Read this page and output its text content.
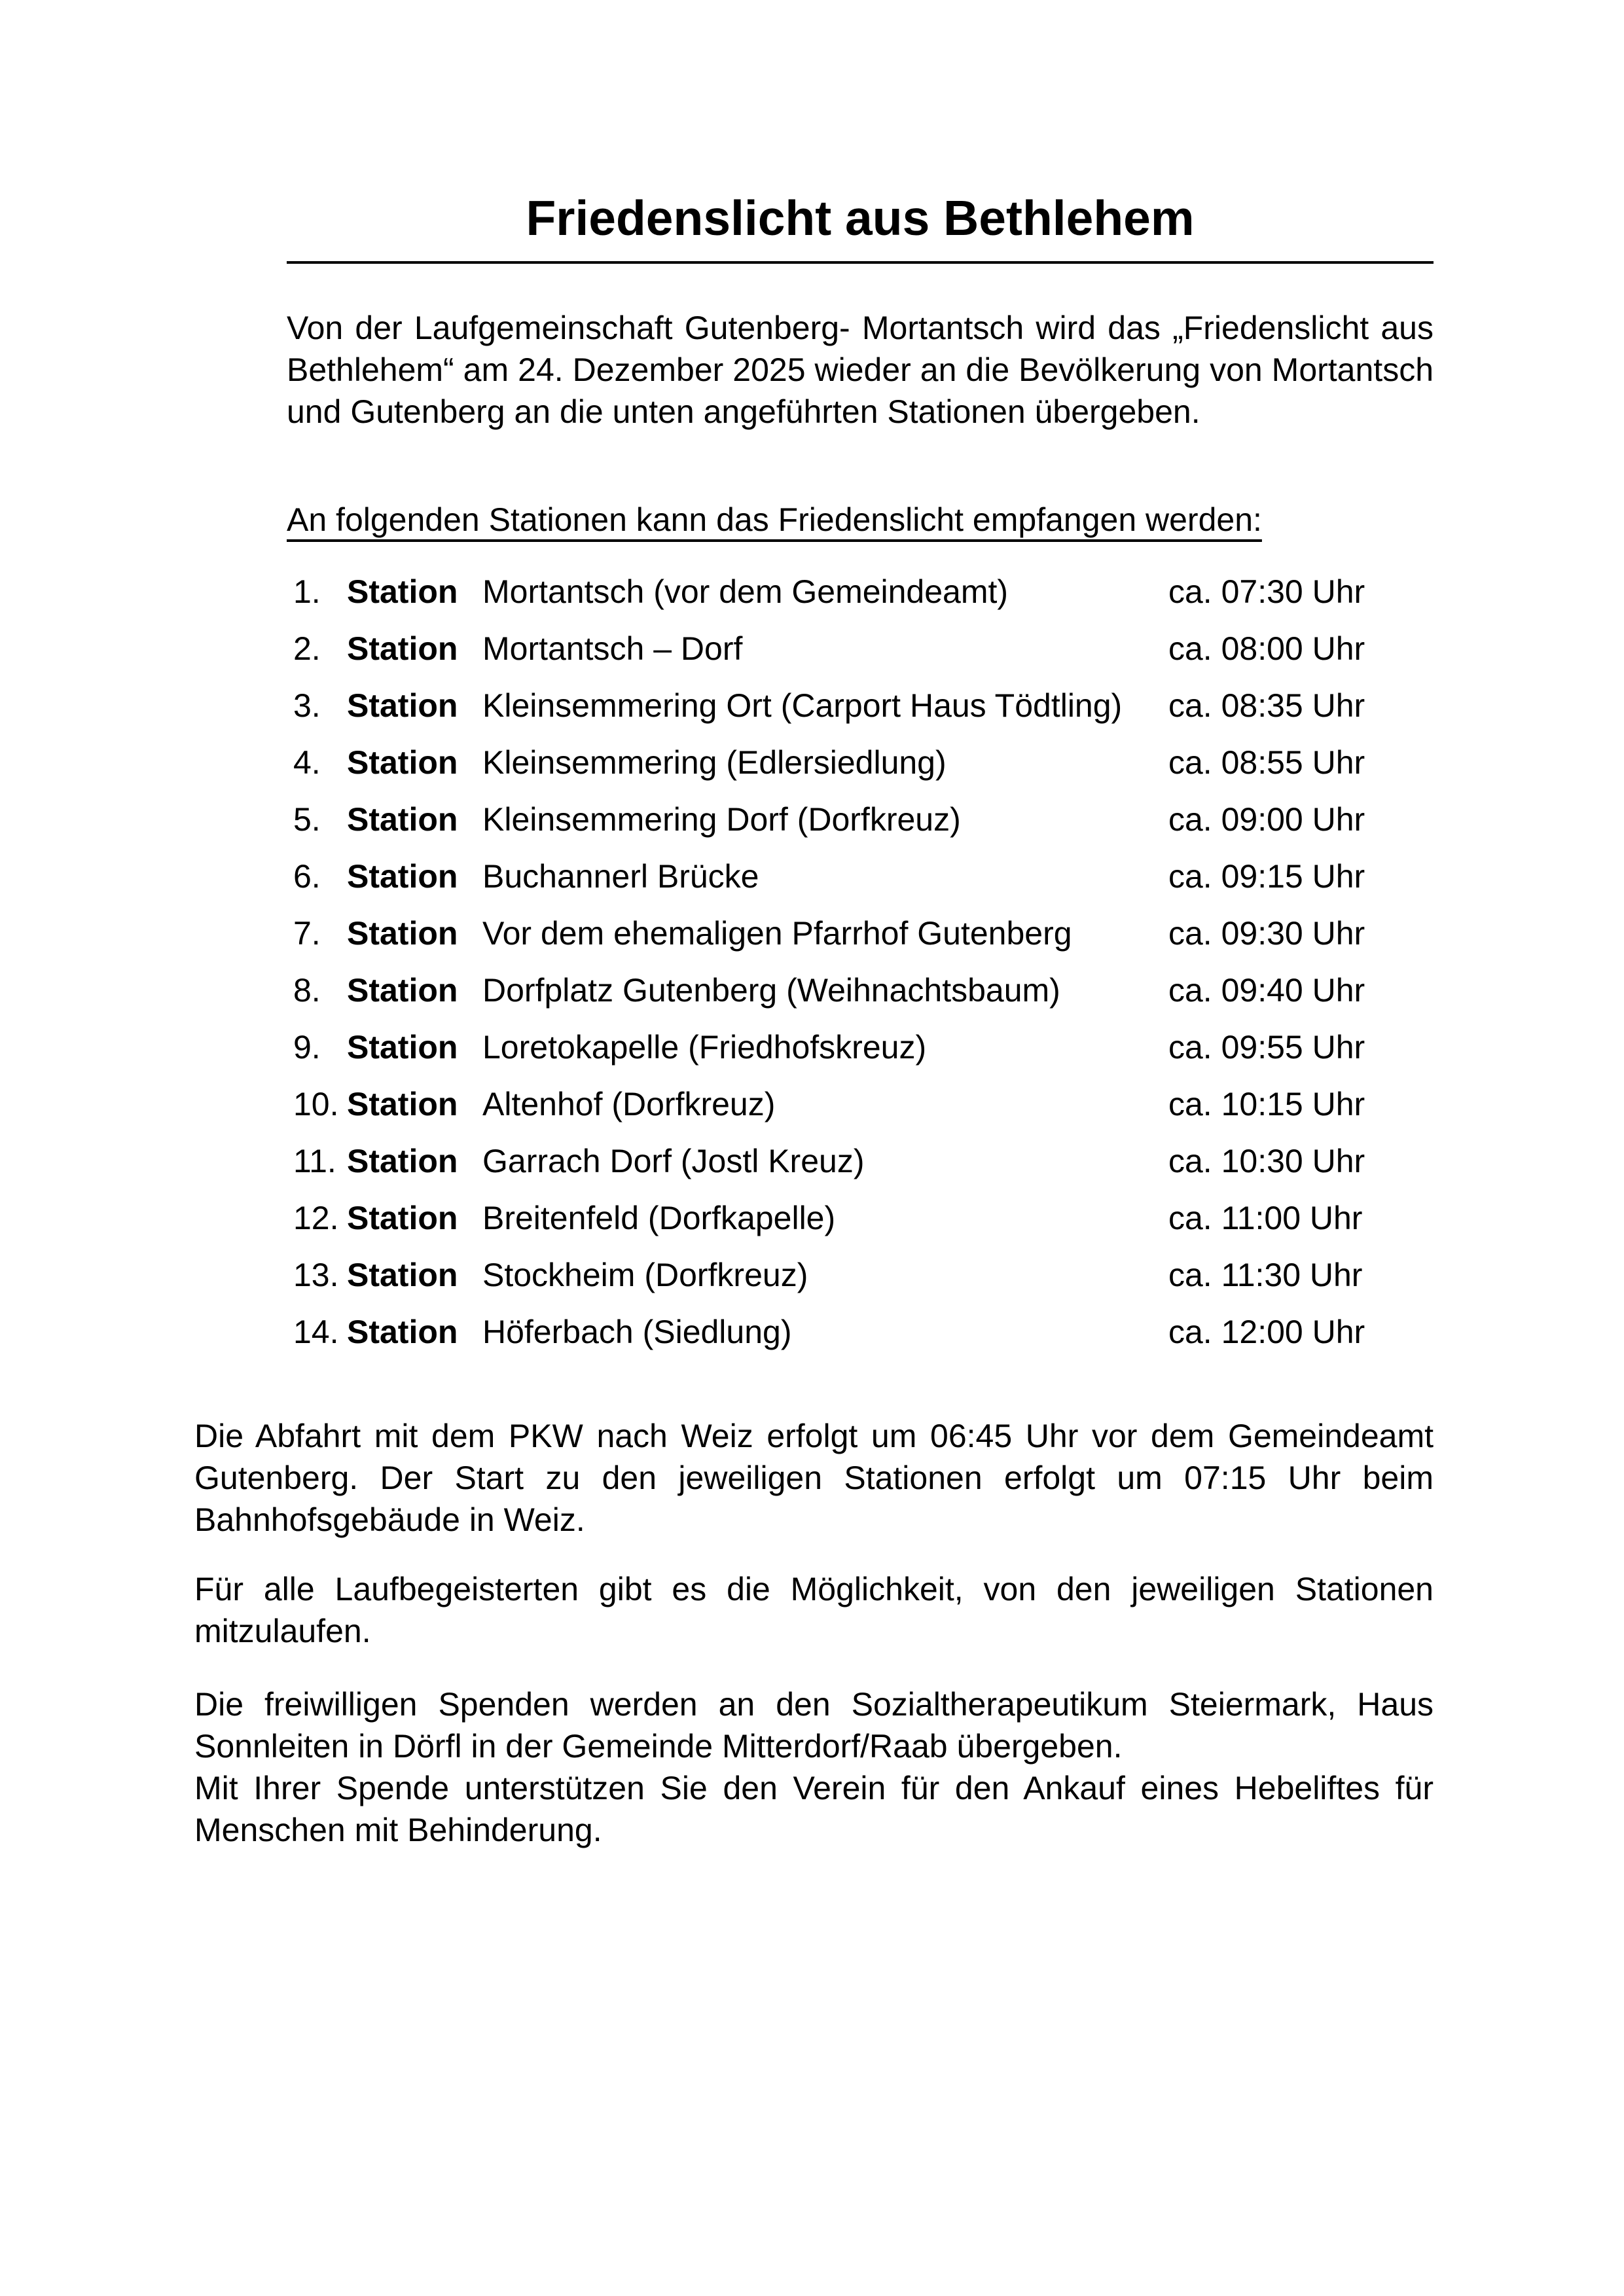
Friedenslicht aus Bethlehem
Von der Laufgemeinschaft Gutenberg- Mortantsch wird das „Friedenslicht aus Bethlehem“ am 24. Dezember 2025 wieder an die Bevölkerung von Mortantsch und Gutenberg an die unten angeführten Stationen übergeben.
An folgenden Stationen kann das Friedenslicht empfangen werden:
1. Station Mortantsch (vor dem Gemeindeamt)	ca. 07:30 Uhr
2. Station Mortantsch – Dorf	ca. 08:00 Uhr
3. Station Kleinsemmering Ort (Carport Haus Tödtling) ca. 08:35 Uhr
4. Station Kleinsemmering (Edlersiedlung)	ca. 08:55 Uhr
5. Station Kleinsemmering Dorf (Dorfkreuz)	ca. 09:00 Uhr
6. Station Buchannerl Brücke	ca. 09:15 Uhr
7. Station Vor dem ehemaligen Pfarrhof Gutenberg	ca. 09:30 Uhr
8. Station Dorfplatz Gutenberg (Weihnachtsbaum)	ca. 09:40 Uhr
9. Station Loretokapelle (Friedhofskreuz)	ca. 09:55 Uhr
10. Station Altenhof (Dorfkreuz)	ca. 10:15 Uhr
11. Station Garrach Dorf (Jostl Kreuz)	ca. 10:30 Uhr
12. Station Breitenfeld (Dorfkapelle)	ca. 11:00 Uhr
13. Station Stockheim (Dorfkreuz)	ca. 11:30 Uhr
14. Station Höferbach (Siedlung)	ca. 12:00 Uhr
Die Abfahrt mit dem PKW nach Weiz erfolgt um 06:45 Uhr vor dem Gemeindeamt Gutenberg. Der Start zu den jeweiligen Stationen erfolgt um 07:15 Uhr beim Bahnhofsgebäude in Weiz.
Für alle Laufbegeisterten gibt es die Möglichkeit, von den jeweiligen Stationen mitzulaufen.

Die freiwilligen Spenden werden an den Sozialtherapeutikum Steiermark, Haus Sonnleiten in Dörfl in der Gemeinde Mitterdorf/Raab übergeben.

Mit Ihrer Spende unterstützen Sie den Verein für den Ankauf eines Hebeliftes für Menschen mit Behinderung.
